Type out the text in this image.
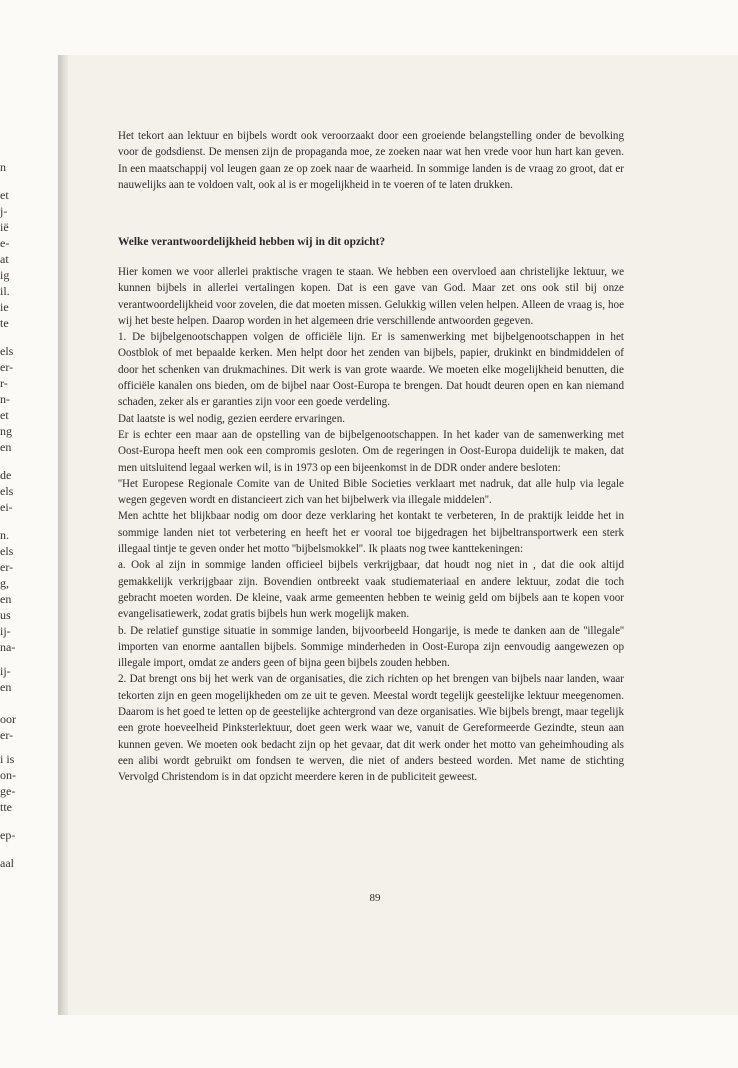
n
et
j-
ië
e-
at
ig
il.
ie
te
els
er-
r-
n-
et
ng
en
de
els
ei-
n.
els
er-
g,
en
us
ij-
na-
ij-
en
oor
er-
i is
on-
ge-
tte
ep-
aal

Het tekort aan lektuur en bijbels wordt ook veroorzaakt door een groeiende belangstelling onder de bevolking voor de godsdienst. De mensen zijn de propaganda moe, ze zoeken naar wat hen vrede voor hun hart kan geven. In een maatschappij vol leugen gaan ze op zoek naar de waarheid. In sommige landen is de vraag zo groot, dat er nauwelijks aan te voldoen valt, ook al is er mogelijkheid in te voeren of te laten drukken.

Welke verantwoordelijkheid hebben wij in dit opzicht?

Hier komen we voor allerlei praktische vragen te staan. We hebben een overvloed aan christelijke lektuur, we kunnen bijbels in allerlei vertalingen kopen. Dat is een gave van God. Maar zet ons ook stil bij onze verantwoordelijkheid voor zovelen, die dat moeten missen. Gelukkig willen velen helpen. Alleen de vraag is, hoe wij het beste helpen. Daarop worden in het algemeen drie verschillende antwoorden gegeven.

1. De bijbelgenootschappen volgen de officiële lijn. Er is samenwerking met bijbelgenootschappen in het Oostblok of met bepaalde kerken. Men helpt door het zenden van bijbels, papier, drukinkt en bindmiddelen of door het schenken van drukmachines. Dit werk is van grote waarde. We moeten elke mogelijkheid benutten, die officiële kanalen ons bieden, om de bijbel naar Oost-Europa te brengen. Dat houdt deuren open en kan niemand schaden, zeker als er garanties zijn voor een goede verdeling.

Dat laatste is wel nodig, gezien eerdere ervaringen.

Er is echter een maar aan de opstelling van de bijbelgenootschappen. In het kader van de samenwerking met Oost-Europa heeft men ook een compromis gesloten. Om de regeringen in Oost-Europa duidelijk te maken, dat men uitsluitend legaal werken wil, is in 1973 op een bijeenkomst in de DDR onder andere besloten:

''Het Europese Regionale Comite van de United Bible Societies verklaart met nadruk, dat alle hulp via legale wegen gegeven wordt en distancieert zich van het bijbelwerk via illegale middelen''.

Men achtte het blijkbaar nodig om door deze verklaring het kontakt te verbeteren, In de praktijk leidde het in sommige landen niet tot verbetering en heeft het er vooral toe bijgedragen het bijbeltransportwerk een sterk illegaal tintje te geven onder het motto ''bijbelsmokkel''. Ik plaats nog twee kanttekeningen:

a. Ook al zijn in sommige landen officieel bijbels verkrijgbaar, dat houdt nog niet in , dat die ook altijd gemakkelijk verkrijgbaar zijn. Bovendien ontbreekt vaak studiemateriaal en andere lektuur, zodat die toch gebracht moeten worden. De kleine, vaak arme gemeenten hebben te weinig geld om bijbels aan te kopen voor evangelisatiewerk, zodat gratis bijbels hun werk mogelijk maken.

b. De relatief gunstige situatie in sommige landen, bijvoorbeeld Hongarije, is mede te danken aan de ''illegale'' importen van enorme aantallen bijbels. Sommige minderheden in Oost-Europa zijn eenvoudig aangewezen op illegale import, omdat ze anders geen of bijna geen bijbels zouden hebben.

2. Dat brengt ons bij het werk van de organisaties, die zich richten op het brengen van bijbels naar landen, waar tekorten zijn en geen mogelijkheden om ze uit te geven. Meestal wordt tegelijk geestelijke lektuur meegenomen. Daarom is het goed te letten op de geestelijke achtergrond van deze organisaties. Wie bijbels brengt, maar tegelijk een grote hoeveelheid Pinksterlektuur, doet geen werk waar we, vanuit de Gereformeerde Gezindte, steun aan kunnen geven. We moeten ook bedacht zijn op het gevaar, dat dit werk onder het motto van geheimhouding als een alibi wordt gebruikt om fondsen te werven, die niet of anders besteed worden. Met name de stichting Vervolgd Christendom is in dat opzicht meerdere keren in de publiciteit geweest.

89
